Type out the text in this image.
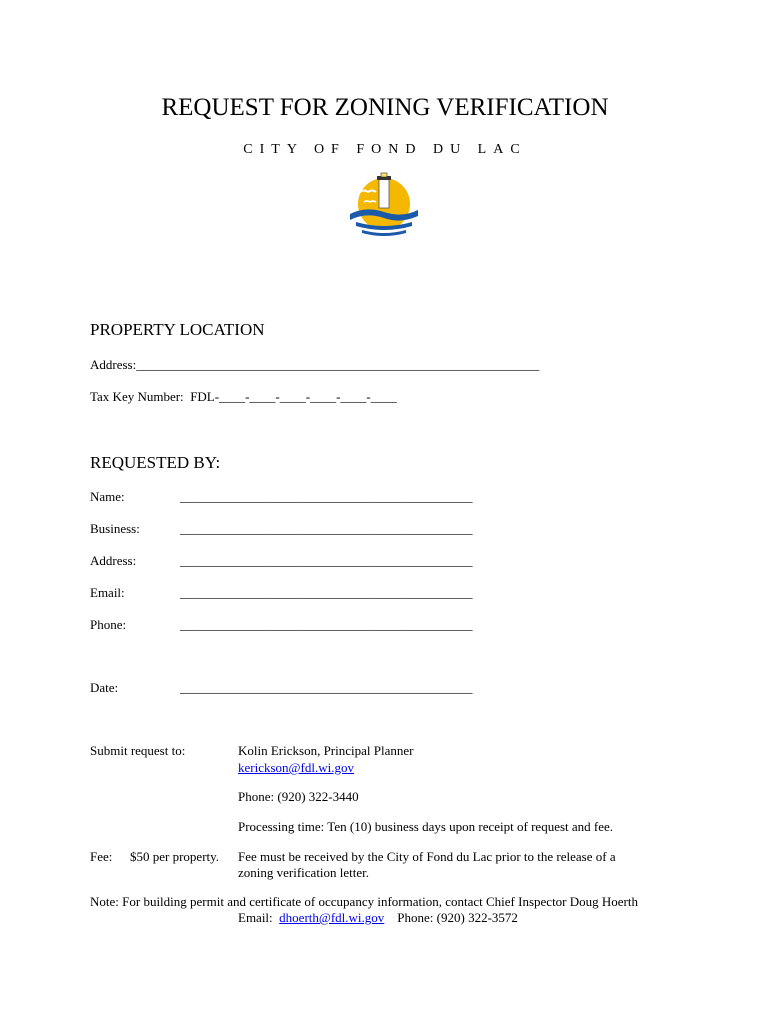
REQUEST FOR ZONING VERIFICATION
CITY OF FOND DU LAC
PROPERTY LOCATION
Address:______________________________________________________________
Tax Key Number: FDL-____-____-____-____-____-____
REQUESTED BY:
Name:	_____________________________________________
Business:	_____________________________________________
Address:	_____________________________________________
Email:	_____________________________________________
Phone:	_____________________________________________
Date:	_____________________________________________
Submit request to:	Kolin Erickson, Principal Planner
kerickson@fdl.wi.gov
Phone: (920) 322-3440
Processing time: Ten (10) business days upon receipt of request and fee.
Fee: $50 per property. Fee must be received by the City of Fond du Lac prior to the release of a
zoning verification letter.
Note: For building permit and certificate of occupancy information, contact Chief Inspector Doug Hoerth
Email: dhoerth@fdl.wi.gov Phone: (920) 322-3572
